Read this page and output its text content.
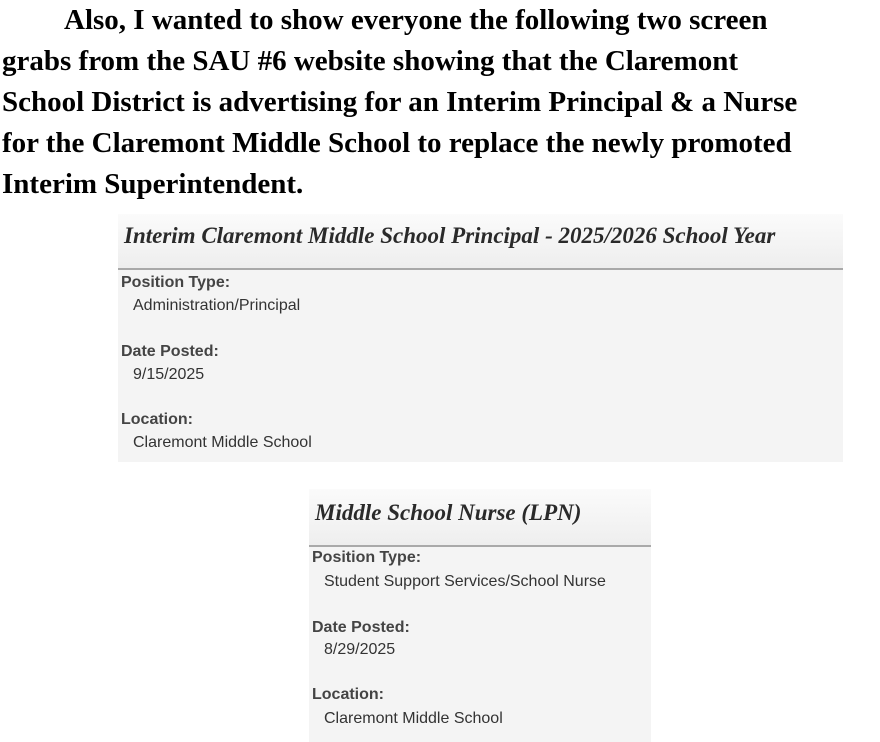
Also, I wanted to show everyone the following two screen
grabs from the SAU #6 website showing that the Claremont
School District is advertising for an Interim Principal & a Nurse
for the Claremont Middle School to replace the newly promoted
Interim Superintendent.
Interim Claremont Middle School Principal - 2025/2026 School Year
Position Type:
Administration/Principal
Date Posted:
9/15/2025
Location:
Claremont Middle School
Middle School Nurse (LPN)
Position Type:
Student Support Services/School Nurse
Date Posted:
8/29/2025
Location:
Claremont Middle School
